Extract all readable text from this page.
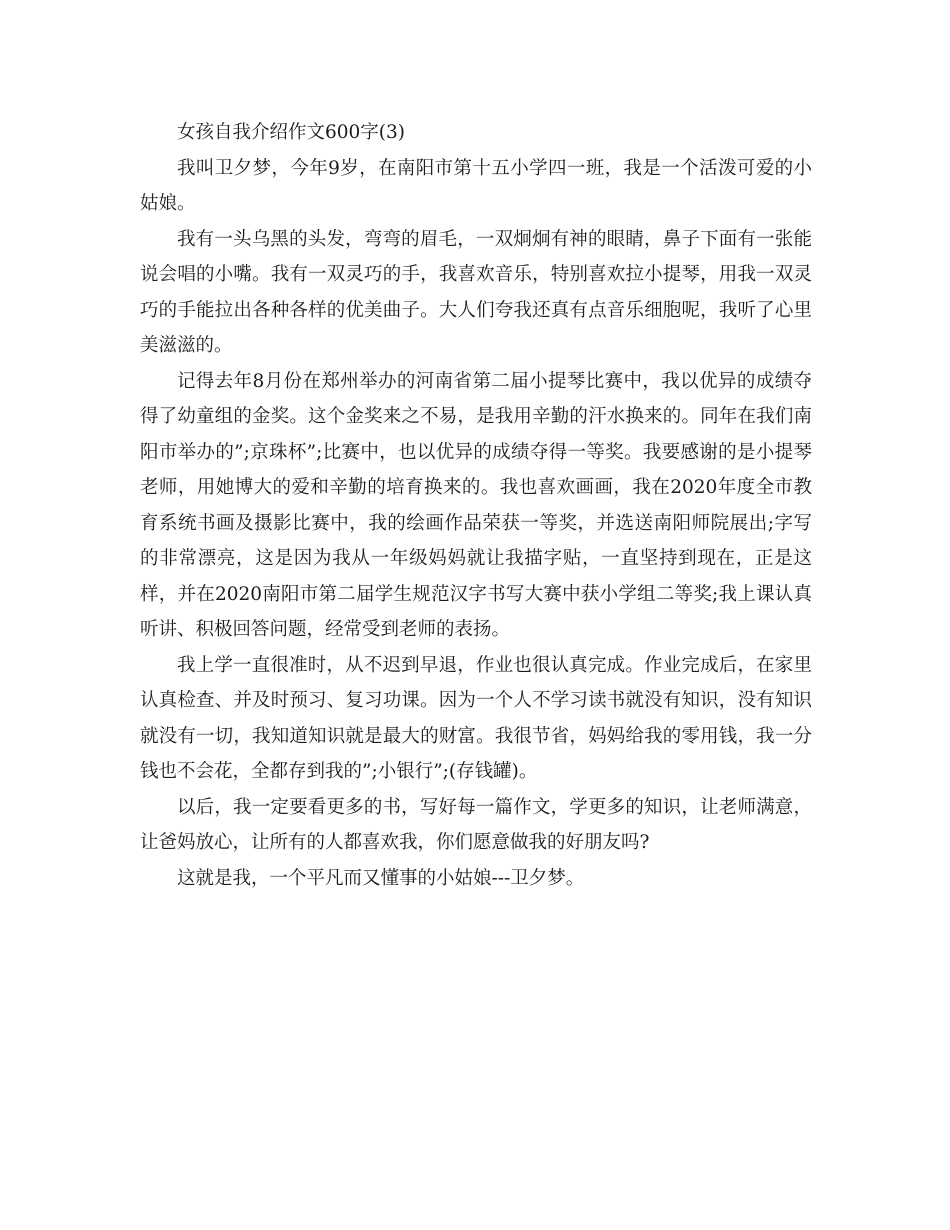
女孩自我介绍作文600字(3)

我叫卫夕梦，今年9岁，在南阳市第十五小学四一班，我是一个活泼可爱的小姑娘。

我有一头乌黑的头发，弯弯的眉毛，一双炯炯有神的眼睛，鼻子下面有一张能说会唱的小嘴。我有一双灵巧的手，我喜欢音乐，特别喜欢拉小提琴，用我一双灵巧的手能拉出各种各样的优美曲子。大人们夸我还真有点音乐细胞呢，我听了心里美滋滋的。

记得去年8月份在郑州举办的河南省第二届小提琴比赛中，我以优异的成绩夺得了幼童组的金奖。这个金奖来之不易，是我用辛勤的汗水换来的。同年在我们南阳市举办的”;京珠杯”;比赛中，也以优异的成绩夺得一等奖。我要感谢的是小提琴老师，用她博大的爱和辛勤的培育换来的。我也喜欢画画，我在2020年度全市教育系统书画及摄影比赛中，我的绘画作品荣获一等奖，并选送南阳师院展出;字写的非常漂亮，这是因为我从一年级妈妈就让我描字贴，一直坚持到现在，正是这样，并在2020南阳市第二届学生规范汉字书写大赛中获小学组二等奖;我上课认真听讲、积极回答问题，经常受到老师的表扬。

我上学一直很准时，从不迟到早退，作业也很认真完成。作业完成后，在家里认真检查、并及时预习、复习功课。因为一个人不学习读书就没有知识，没有知识就没有一切，我知道知识就是最大的财富。我很节省，妈妈给我的零用钱，我一分钱也不会花，全都存到我的”;小银行”;(存钱罐)。

以后，我一定要看更多的书，写好每一篇作文，学更多的知识，让老师满意，让爸妈放心，让所有的人都喜欢我，你们愿意做我的好朋友吗?

这就是我，一个平凡而又懂事的小姑娘---卫夕梦。
